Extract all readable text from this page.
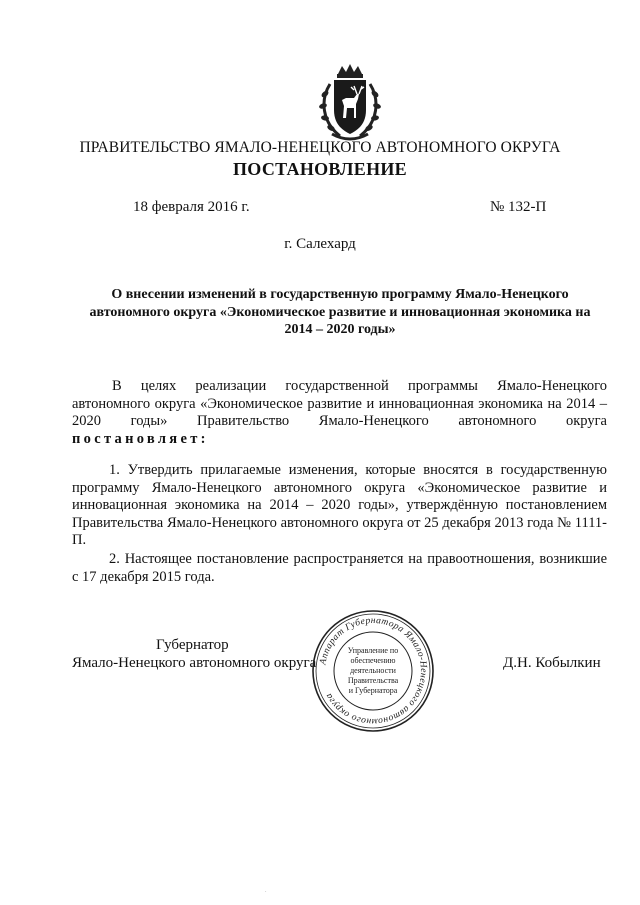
ПРАВИТЕЛЬСТВО ЯМАЛО-НЕНЕЦКОГО АВТОНОМНОГО ОКРУГА
ПОСТАНОВЛЕНИЕ
18 февраля 2016 г.	№ 132-П
г. Салехард
О внесении изменений в государственную программу Ямало-Ненецкого автономного округа «Экономическое развитие и инновационная экономика на 2014 – 2020 годы»
В целях реализации государственной программы Ямало-Ненецкого автономного округа «Экономическое развитие и инновационная экономика на 2014 – 2020 годы» Правительство Ямало-Ненецкого автономного округа постановляет:
1. Утвердить прилагаемые изменения, которые вносятся в государственную программу Ямало-Ненецкого автономного округа «Экономическое развитие и инновационная экономика на 2014 – 2020 годы», утверждённую постановлением Правительства Ямало-Ненецкого автономного округа от 25 декабря 2013 года № 1111-П.
2. Настоящее постановление распространяется на правоотношения, возникшие с 17 декабря 2015 года.
Губернатор
Ямало-Ненецкого автономного округа	Д.Н. Кобылкин
Аппарат Губернатора Ямало-Ненецкого автономного округа
Управление по
обеспечению
деятельности
Правительства
и Губернатора
.
